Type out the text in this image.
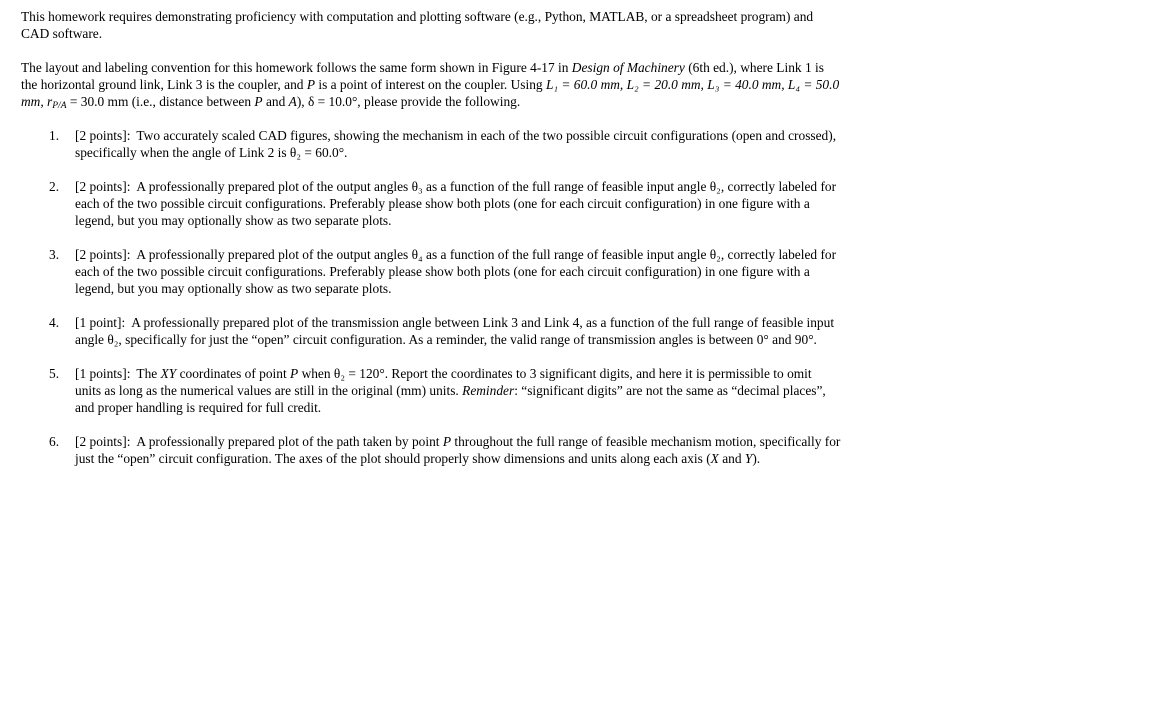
This homework requires demonstrating proficiency with computation and plotting software (e.g., Python, MATLAB, or a spreadsheet program) and CAD software.

The layout and labeling convention for this homework follows the same form shown in Figure 4-17 in Design of Machinery (6th ed.), where Link 1 is the horizontal ground link, Link 3 is the coupler, and P is a point of interest on the coupler. Using L₁ = 60.0 mm, L₂ = 20.0 mm, L₃ = 40.0 mm, L₄ = 50.0 mm, $r_{P/A} = 30.0$ mm (i.e., distance between P and A), δ = 10.0°, please provide the following.

1. [2 points]: Two accurately scaled CAD figures, showing the mechanism in each of the two possible circuit configurations (open and crossed), specifically when the angle of Link 2 is θ₂ = 60.0°.
2. [2 points]: A professionally prepared plot of the output angles θ₃ as a function of the full range of feasible input angle θ₂, correctly labeled for each of the two possible circuit configurations. Preferably please show both plots (one for each circuit configuration) in one figure with a legend, but you may optionally show as two separate plots.
3. [2 points]: A professionally prepared plot of the output angles θ₄ as a function of the full range of feasible input angle θ₂, correctly labeled for each of the two possible circuit configurations. Preferably please show both plots (one for each circuit configuration) in one figure with a legend, but you may optionally show as two separate plots.
4. [1 point]: A professionally prepared plot of the transmission angle between Link 3 and Link 4, as a function of the full range of feasible input angle θ₂, specifically for just the “open” circuit configuration. As a reminder, the valid range of transmission angles is between 0° and 90°.
5. [1 points]: The XY coordinates of point P when θ₂ = 120°. Report the coordinates to 3 significant digits, and here it is permissible to omit units as long as the numerical values are still in the original (mm) units. Reminder: “significant digits” are not the same as “decimal places”, and proper handling is required for full credit.
6. [2 points]: A professionally prepared plot of the path taken by point P throughout the full range of feasible mechanism motion, specifically for just the “open” circuit configuration. The axes of the plot should properly show dimensions and units along each axis (X and Y).
